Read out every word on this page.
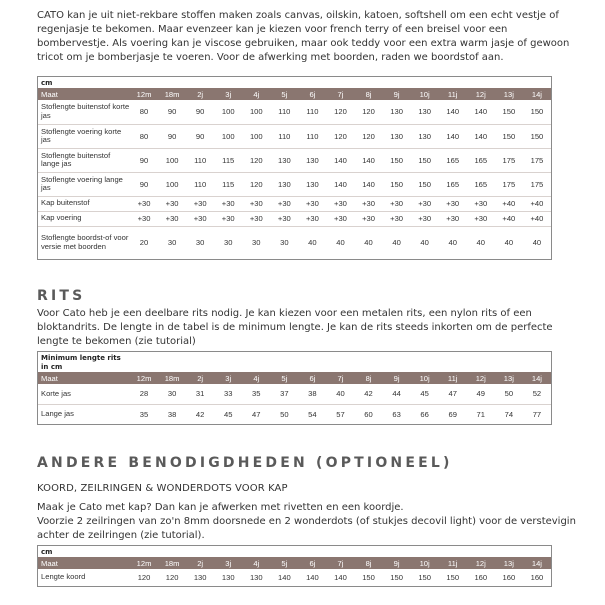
CATO kan je uit niet-rekbare stoffen maken zoals canvas, oilskin, katoen, softshell om een echt vestje of regenjasje te bekomen. Maar evenzeer kan je kiezen voor french terry of een breisel voor een bombervestje. Als voering kan je viscose gebruiken, maar ook teddy voor een extra warm jasje of gewoon tricot om je bomberjasje te voeren. Voor de afwerking met boorden, raden we boordstof aan.

cm
Maat	12m	18m	2j	3j	4j	5j	6j	7j	8j	9j	10j	11j	12j	13j	14j
Stoflengte buitenstof korte jas	80	90	90	100	100	110	110	120	120	130	130	140	140	150	150
Stoflengte voering korte jas	80	90	90	100	100	110	110	120	120	130	130	140	140	150	150
Stoflengte buitenstof lange jas	90	100	110	115	120	130	130	140	140	150	150	165	165	175	175
Stoflengte voering lange jas	90	100	110	115	120	130	130	140	140	150	150	165	165	175	175
Kap buitenstof	+30	+30	+30	+30	+30	+30	+30	+30	+30	+30	+30	+30	+30	+40	+40
Kap voering	+30	+30	+30	+30	+30	+30	+30	+30	+30	+30	+30	+30	+30	+40	+40
Stoflengte boordst-of voor versie met boorden	20	30	30	30	30	30	40	40	40	40	40	40	40	40	40
RITS

Voor Cato heb je een deelbare rits nodig. Je kan kiezen voor een metalen rits, een nylon rits of een bloktandrits. De lengte in de tabel is de minimum lengte. Je kan de rits steeds inkorten om de perfecte lengte te bekomen (zie tutorial)

Minimum lengte rits
in cm
Maat	12m	18m	2j	3j	4j	5j	6j	7j	8j	9j	10j	11j	12j	13j	14j
Korte jas	28	30	31	33	35	37	38	40	42	44	45	47	49	50	52
Lange jas	35	38	42	45	47	50	54	57	60	63	66	69	71	74	77
ANDERE BENODIGDHEDEN (OPTIONEEL)
KOORD, ZEILRINGEN & WONDERDOTS VOOR KAP

Maak je Cato met kap? Dan kan je afwerken met rivetten en een koordje.

Voorzie 2 zeilringen van zo'n 8mm doorsnede en 2 wonderdots (of stukjes decovil light) voor de verstevigin achter de zeilringen (zie tutorial).

cm
Maat	12m	18m	2j	3j	4j	5j	6j	7j	8j	9j	10j	11j	12j	13j	14j
Lengte koord	120	120	130	130	130	140	140	140	150	150	150	150	160	160	160
